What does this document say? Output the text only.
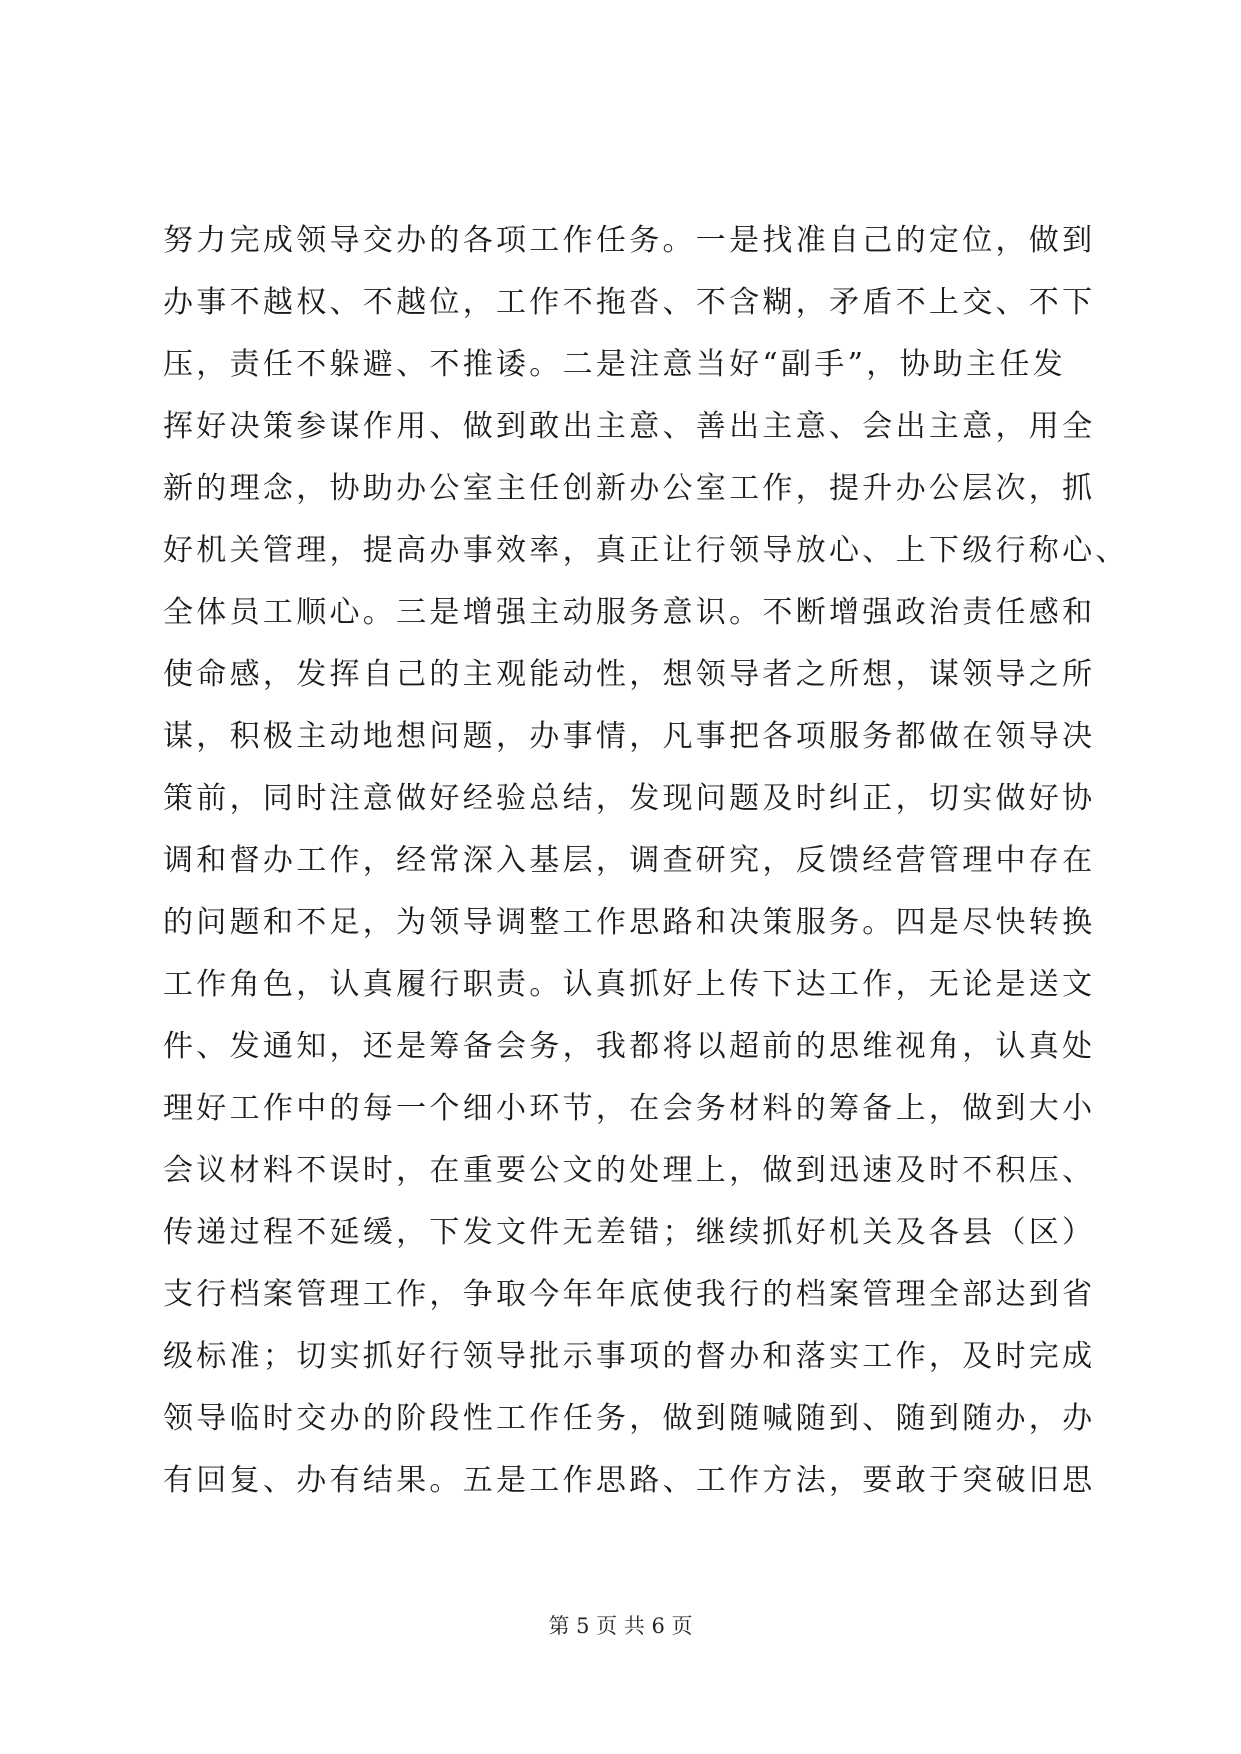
努力完成领导交办的各项工作任务。一是找准自己的定位，做到
办事不越权、不越位，工作不拖沓、不含糊，矛盾不上交、不下
压，责任不躲避、不推诿。二是注意当好“副手”，协助主任发
挥好决策参谋作用、做到敢出主意、善出主意、会出主意，用全
新的理念，协助办公室主任创新办公室工作，提升办公层次，抓
好机关管理，提高办事效率，真正让行领导放心、上下级行称心、
全体员工顺心。三是增强主动服务意识。不断增强政治责任感和
使命感，发挥自己的主观能动性，想领导者之所想，谋领导之所
谋，积极主动地想问题，办事情，凡事把各项服务都做在领导决
策前，同时注意做好经验总结，发现问题及时纠正，切实做好协
调和督办工作，经常深入基层，调查研究，反馈经营管理中存在
的问题和不足，为领导调整工作思路和决策服务。四是尽快转换
工作角色，认真履行职责。认真抓好上传下达工作，无论是送文
件、发通知，还是筹备会务，我都将以超前的思维视角，认真处
理好工作中的每一个细小环节，在会务材料的筹备上，做到大小
会议材料不误时，在重要公文的处理上，做到迅速及时不积压、
传递过程不延缓，下发文件无差错；继续抓好机关及各县（区）
支行档案管理工作，争取今年年底使我行的档案管理全部达到省
级标准；切实抓好行领导批示事项的督办和落实工作，及时完成
领导临时交办的阶段性工作任务，做到随喊随到、随到随办，办
有回复、办有结果。五是工作思路、工作方法，要敢于突破旧思
第 5 页 共 6 页
